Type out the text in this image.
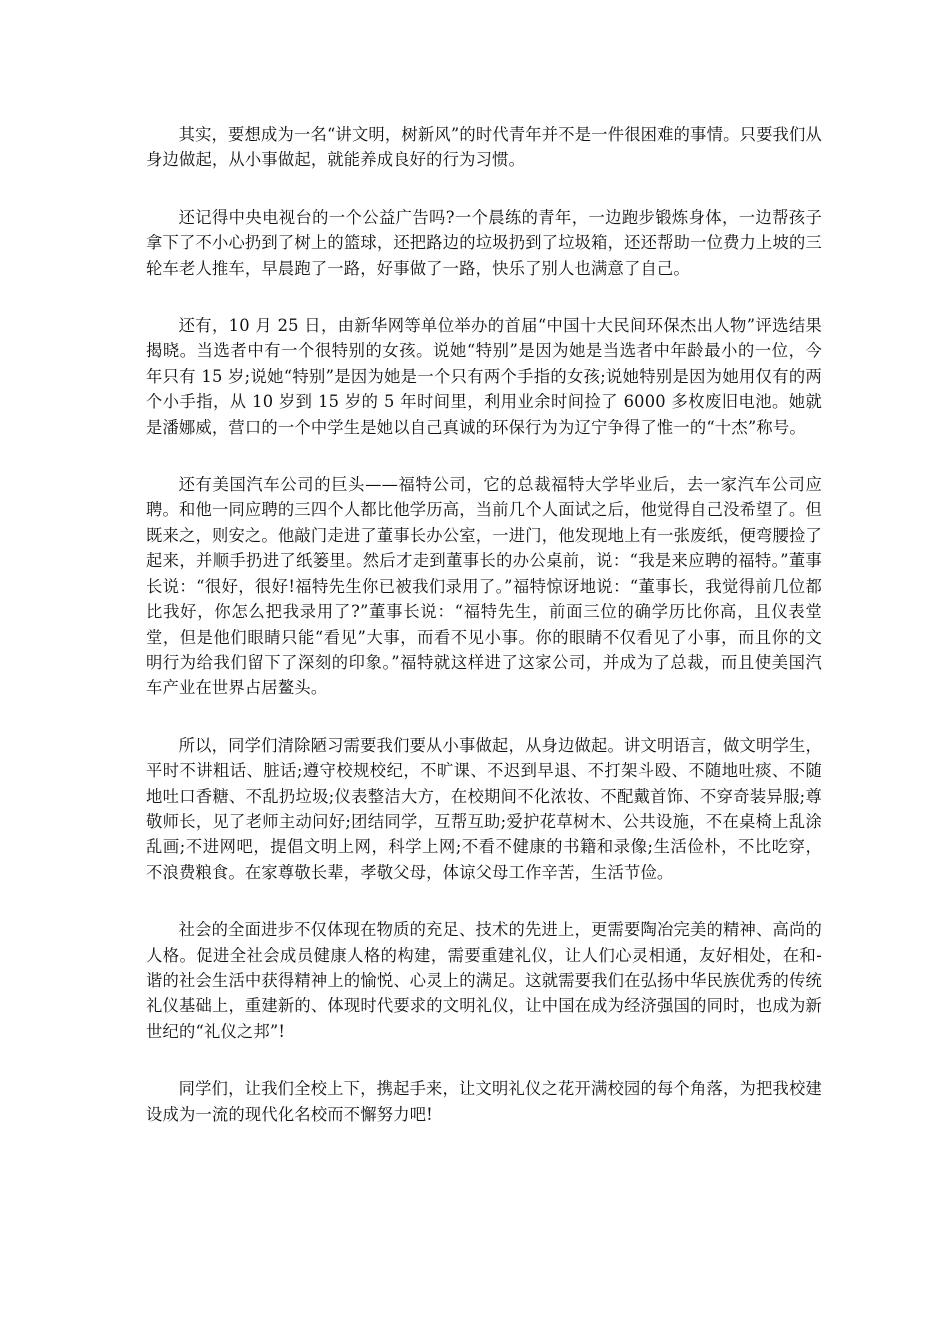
其实，要想成为一名“讲文明，树新风”的时代青年并不是一件很困难的事情。只要我们从身边做起，从小事做起，就能养成良好的行为习惯。

还记得中央电视台的一个公益广告吗?一个晨练的青年，一边跑步锻炼身体，一边帮孩子拿下了不小心扔到了树上的篮球，还把路边的垃圾扔到了垃圾箱，还还帮助一位费力上坡的三轮车老人推车，早晨跑了一路，好事做了一路，快乐了别人也满意了自己。

还有，10 月 25 日，由新华网等单位举办的首届“中国十大民间环保杰出人物”评选结果揭晓。当选者中有一个很特别的女孩。说她“特别”是因为她是当选者中年龄最小的一位，今年只有 15 岁;说她“特别”是因为她是一个只有两个手指的女孩;说她特别是因为她用仅有的两个小手指，从 10 岁到 15 岁的 5 年时间里，利用业余时间捡了 6000 多枚废旧电池。她就是潘娜威，营口的一个中学生是她以自己真诚的环保行为为辽宁争得了惟一的“十杰”称号。

还有美国汽车公司的巨头——福特公司，它的总裁福特大学毕业后，去一家汽车公司应聘。和他一同应聘的三四个人都比他学历高，当前几个人面试之后，他觉得自己没希望了。但既来之，则安之。他敲门走进了董事长办公室，一进门，他发现地上有一张废纸，便弯腰捡了起来，并顺手扔进了纸篓里。然后才走到董事长的办公桌前，说：“我是来应聘的福特。”董事长说：“很好，很好!福特先生你已被我们录用了。”福特惊讶地说：“董事长，我觉得前几位都比我好，你怎么把我录用了?”董事长说：“福特先生，前面三位的确学历比你高，且仪表堂堂，但是他们眼睛只能“看见”大事，而看不见小事。你的眼睛不仅看见了小事，而且你的文明行为给我们留下了深刻的印象。”福特就这样进了这家公司，并成为了总裁，而且使美国汽车产业在世界占居鳌头。

所以，同学们清除陋习需要我们要从小事做起，从身边做起。讲文明语言，做文明学生，平时不讲粗话、脏话;遵守校规校纪，不旷课、不迟到早退、不打架斗殴、不随地吐痰、不随地吐口香糖、不乱扔垃圾;仪表整洁大方，在校期间不化浓妆、不配戴首饰、不穿奇装异服;尊敬师长，见了老师主动问好;团结同学，互帮互助;爱护花草树木、公共设施，不在桌椅上乱涂乱画;不进网吧，提倡文明上网，科学上网;不看不健康的书籍和录像;生活俭朴，不比吃穿，不浪费粮食。在家尊敬长辈，孝敬父母，体谅父母工作辛苦，生活节俭。

社会的全面进步不仅体现在物质的充足、技术的先进上，更需要陶冶完美的精神、高尚的人格。促进全社会成员健康人格的构建，需要重建礼仪，让人们心灵相通，友好相处，在和-谐的社会生活中获得精神上的愉悦、心灵上的满足。这就需要我们在弘扬中华民族优秀的传统礼仪基础上，重建新的、体现时代要求的文明礼仪，让中国在成为经济强国的同时，也成为新世纪的“礼仪之邦”!

同学们，让我们全校上下，携起手来，让文明礼仪之花开满校园的每个角落，为把我校建设成为一流的现代化名校而不懈努力吧!
